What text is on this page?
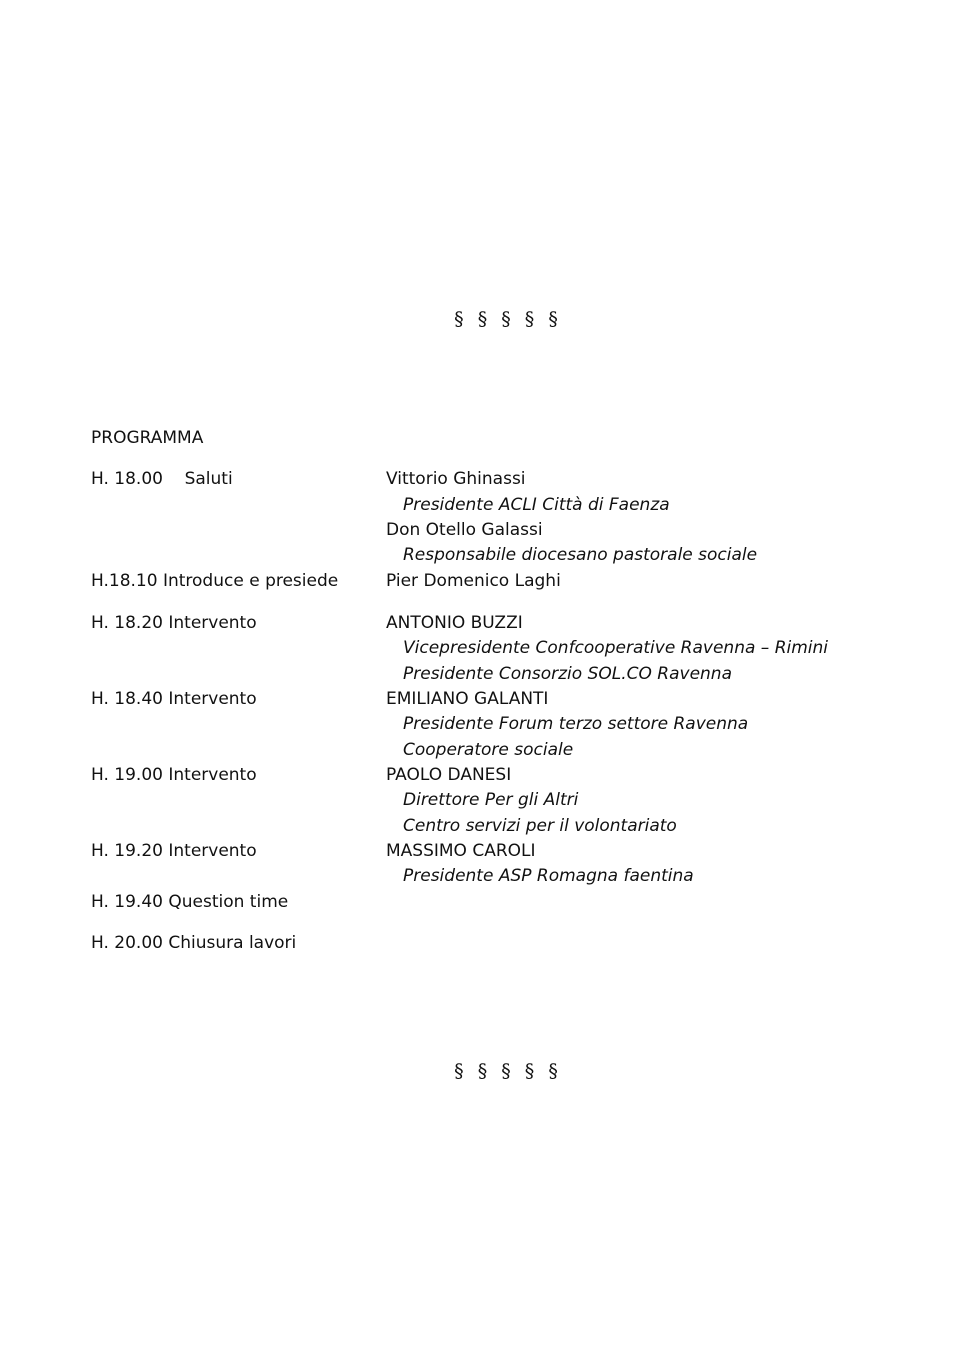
§ § § § §
PROGRAMMA
H. 18.00    Saluti
H.18.10 Introduce e presiede
H. 18.20 Intervento
H. 18.40 Intervento
H. 19.00 Intervento
H. 19.20 Intervento
H. 19.40 Question time
H. 20.00 Chiusura lavori
Vittorio Ghinassi
Presidente ACLI Città di Faenza
Don Otello Galassi
Responsabile diocesano pastorale sociale
Pier Domenico Laghi
ANTONIO BUZZI
Vicepresidente Confcooperative Ravenna – Rimini
Presidente Consorzio SOL.CO Ravenna
EMILIANO GALANTI
Presidente Forum terzo settore Ravenna
Cooperatore sociale
PAOLO DANESI
Direttore Per gli Altri
Centro servizi per il volontariato
MASSIMO CAROLI
Presidente ASP Romagna faentina
§ § § § §
